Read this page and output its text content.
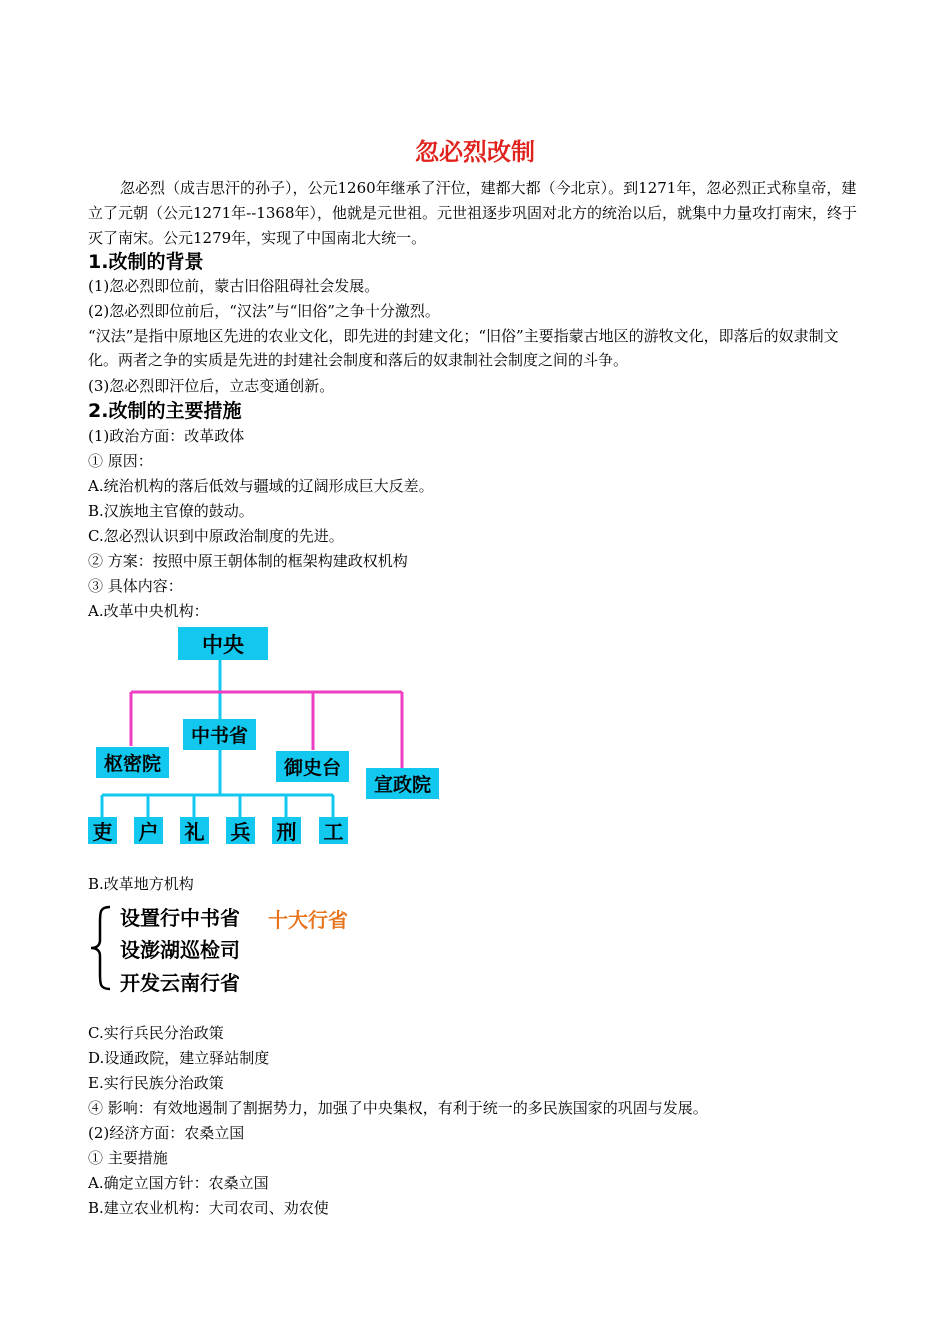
忽必烈改制

忽必烈（成吉思汗的孙子），公元1260年继承了汗位，建都大都（今北京）。到1271年，忽必烈正式称皇帝，建立了元朝（公元1271年--1368年），他就是元世祖。元世祖逐步巩固对北方的统治以后，就集中力量攻打南宋，终于灭了南宋。公元1279年，实现了中国南北大统一。

1.改制的背景
(1)忽必烈即位前，蒙古旧俗阻碍社会发展。
(2)忽必烈即位前后，“汉法”与“旧俗”之争十分激烈。

“汉法”是指中原地区先进的农业文化，即先进的封建文化；“旧俗”主要指蒙古地区的游牧文化，即落后的奴隶制文化。两者之争的实质是先进的封建社会制度和落后的奴隶制社会制度之间的斗争。

(3)忽必烈即汗位后，立志变通创新。
2.改制的主要措施
(1)政治方面：改革政体
① 原因：
A.统治机构的落后低效与疆域的辽阔形成巨大反差。
B.汉族地主官僚的鼓动。
C.忽必烈认识到中原政治制度的先进。
② 方案：按照中原王朝体制的框架构建政权机构
③ 具体内容：
A.改革中央机构：
中央
中书省
枢密院	御史台
宣政院
吏 户 礼 兵 刑 工
B.改革地方机构
设置行中书省
设澎湖巡检司
开发云南行省
十大行省
C.实行兵民分治政策
D.设通政院，建立驿站制度
E.实行民族分治政策
④ 影响：有效地遏制了割据势力，加强了中央集权，有利于统一的多民族国家的巩固与发展。
(2)经济方面：农桑立国
① 主要措施
A.确定立国方针：农桑立国
B.建立农业机构：大司农司、劝农使
